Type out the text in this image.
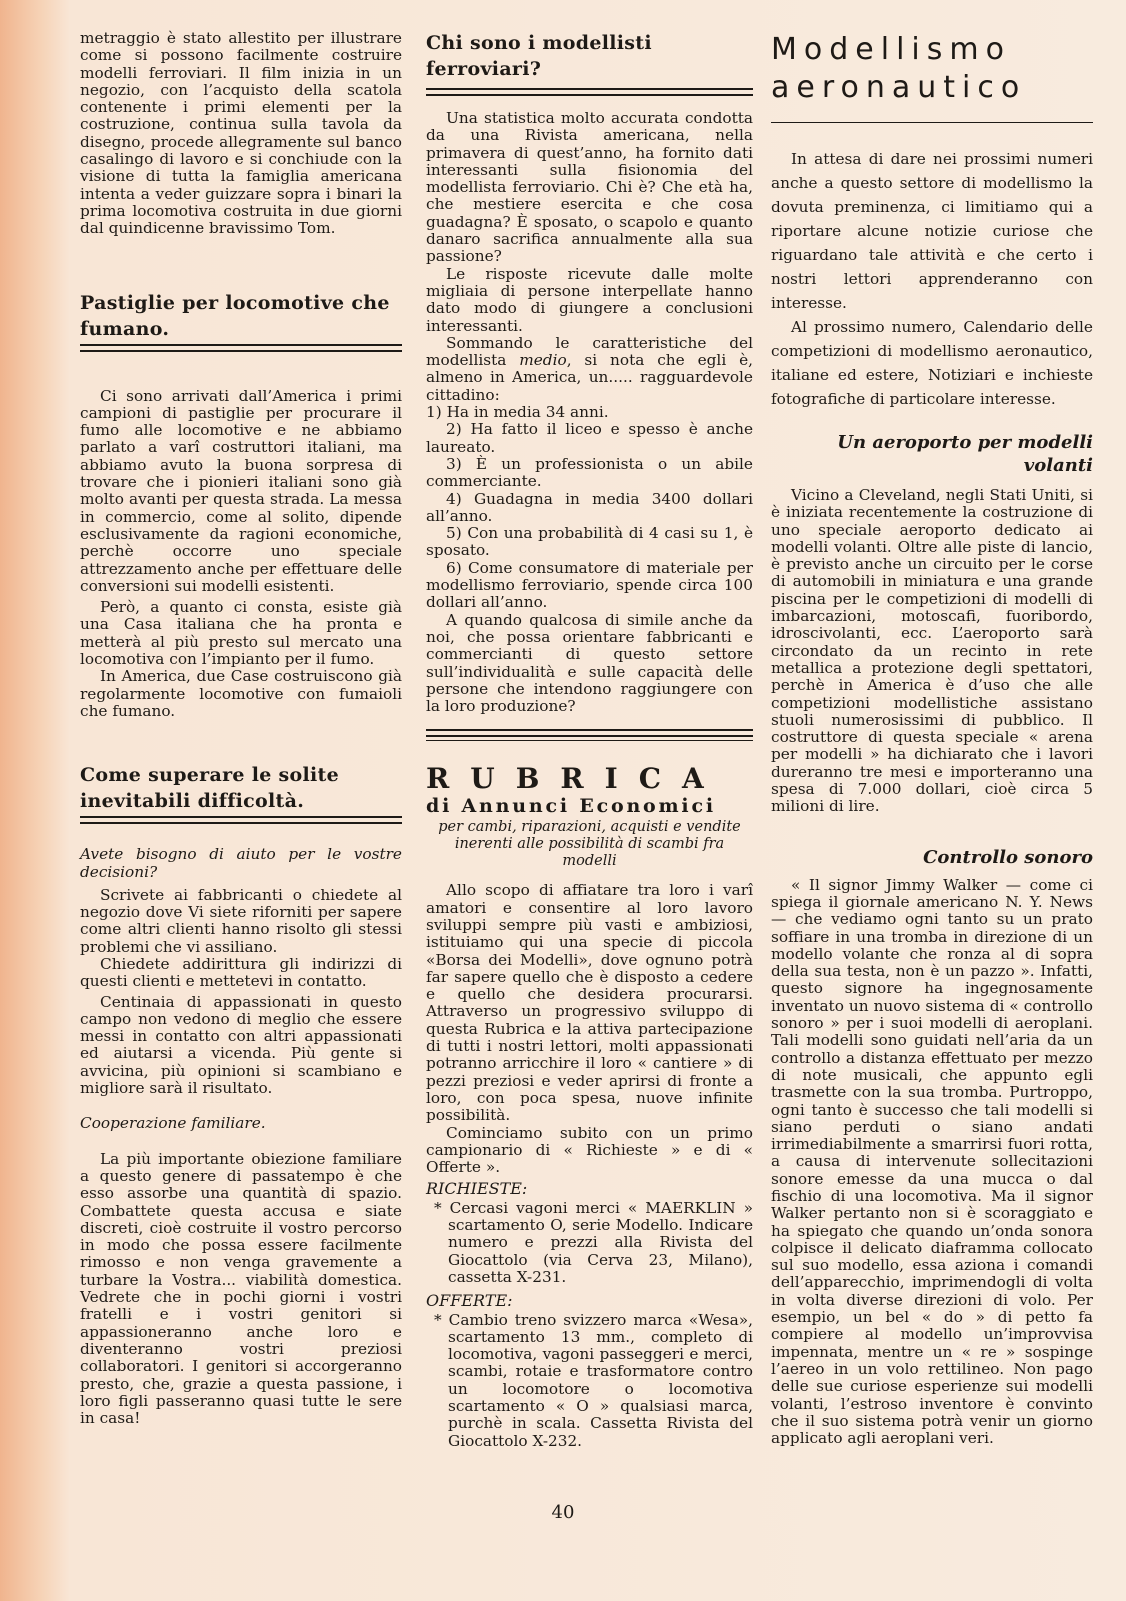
metraggio è stato allestito per illustrare come si possono facilmente costruire modelli ferroviari. Il film inizia in un negozio, con l’acquisto della scatola contenente i primi elementi per la costruzione, continua sulla tavola da disegno, procede allegramente sul banco casalingo di lavoro e si conchiude con la visione di tutta la famiglia americana intenta a veder guizzare sopra i binari la prima locomotiva costruita in due giorni dal quindicenne bravissimo Tom.

Pastiglie per locomotive che fumano.

Ci sono arrivati dall’America i primi campioni di pastiglie per procurare il fumo alle locomotive e ne abbiamo parlato a varî costruttori italiani, ma abbiamo avuto la buona sorpresa di trovare che i pionieri italiani sono già molto avanti per questa strada. La messa in commercio, come al solito, dipende esclusivamente da ragioni economiche, perchè occorre uno speciale attrezzamento anche per effettuare delle conversioni sui modelli esistenti.

Però, a quanto ci consta, esiste già una Casa italiana che ha pronta e metterà al più presto sul mercato una locomotiva con l’impianto per il fumo.

In America, due Case costruiscono già regolarmente locomotive con fumaioli che fumano.

Come superare le solite inevitabili difficoltà.

Avete bisogno di aiuto per le vostre decisioni?

Scrivete ai fabbricanti o chiedete al negozio dove Vi siete riforniti per sapere come altri clienti hanno risolto gli stessi problemi che vi assiliano.

Chiedete addirittura gli indirizzi di questi clienti e mettetevi in contatto.

Centinaia di appassionati in questo campo non vedono di meglio che essere messi in contatto con altri appassionati ed aiutarsi a vicenda. Più gente si avvicina, più opinioni si scambiano e migliore sarà il risultato.

Cooperazione familiare.

La più importante obiezione familiare a questo genere di passatempo è che esso assorbe una quantità di spazio. Combattete questa accusa e siate discreti, cioè costruite il vostro percorso in modo che possa essere facilmente rimosso e non venga gravemente a turbare la Vostra... viabilità domestica. Vedrete che in pochi giorni i vostri fratelli e i vostri genitori si appassioneranno anche loro e diventeranno vostri preziosi collaboratori. I genitori si accorgeranno presto, che, grazie a questa passione, i loro figli passeranno quasi tutte le sere in casa!

Chi sono i modellisti ferroviari?

Una statistica molto accurata condotta da una Rivista americana, nella primavera di quest’anno, ha fornito dati interessanti sulla fisionomia del modellista ferroviario. Chi è? Che età ha, che mestiere esercita e che cosa guadagna? È sposato, o scapolo e quanto danaro sacrifica annualmente alla sua passione?

Le risposte ricevute dalle molte migliaia di persone interpellate hanno dato modo di giungere a conclusioni interessanti.

Sommando le caratteristiche del modellista medio, si nota che egli è, almeno in America, un..... ragguardevole cittadino:

1) Ha in media 34 anni.

2) Ha fatto il liceo e spesso è anche laureato.

3) È un professionista o un abile commerciante.

4) Guadagna in media 3400 dollari all’anno.

5) Con una probabilità di 4 casi su 1, è sposato.

6) Come consumatore di materiale per modellismo ferroviario, spende circa 100 dollari all’anno.

A quando qualcosa di simile anche da noi, che possa orientare fabbricanti e commercianti di questo settore sull’individualità e sulle capacità delle persone che intendono raggiungere con la loro produzione?

RUBRICA
di Annunci Economici

per cambi, riparazioni, acquisti e vendite inerenti alle possibilità di scambi fra modelli

Allo scopo di affiatare tra loro i varî amatori e consentire al loro lavoro sviluppi sempre più vasti e ambiziosi, istituiamo qui una specie di piccola «Borsa dei Modelli», dove ognuno potrà far sapere quello che è disposto a cedere e quello che desidera procurarsi. Attraverso un progressivo sviluppo di questa Rubrica e la attiva partecipazione di tutti i nostri lettori, molti appassionati potranno arricchire il loro « cantiere » di pezzi preziosi e veder aprirsi di fronte a loro, con poca spesa, nuove infinite possibilità.

Cominciamo subito con un primo campionario di « Richieste » e di « Offerte ».

RICHIESTE:

* Cercasi vagoni merci « MAERKLIN » scartamento O, serie Modello. Indicare numero e prezzi alla Rivista del Giocattolo (via Cerva 23, Milano), cassetta X-231.

OFFERTE:

* Cambio treno svizzero marca «Wesa», scartamento 13 mm., completo di locomotiva, vagoni passeggeri e merci, scambi, rotaie e trasformatore contro un locomotore o locomotiva scartamento « O » qualsiasi marca, purchè in scala. Cassetta Rivista del Giocattolo X-232.

Modellismo
aeronautico

In attesa di dare nei prossimi numeri anche a questo settore di modellismo la dovuta preminenza, ci limitiamo qui a riportare alcune notizie curiose che riguardano tale attività e che certo i nostri lettori apprenderanno con interesse.

Al prossimo numero, Calendario delle competizioni di modellismo aeronautico, italiane ed estere, Notiziari e inchieste fotografiche di particolare interesse.

Un aeroporto per modelli volanti

Vicino a Cleveland, negli Stati Uniti, si è iniziata recentemente la costruzione di uno speciale aeroporto dedicato ai modelli volanti. Oltre alle piste di lancio, è previsto anche un circuito per le corse di automobili in miniatura e una grande piscina per le competizioni di modelli di imbarcazioni, motoscafi, fuoribordo, idroscivolanti, ecc. L’aeroporto sarà circondato da un recinto in rete metallica a protezione degli spettatori, perchè in America è d’uso che alle competizioni modellistiche assistano stuoli numerosissimi di pubblico. Il costruttore di questa speciale « arena per modelli » ha dichiarato che i lavori dureranno tre mesi e importeranno una spesa di 7.000 dollari, cioè circa 5 milioni di lire.

Controllo sonoro

« Il signor Jimmy Walker — come ci spiega il giornale americano N. Y. News — che vediamo ogni tanto su un prato soffiare in una tromba in direzione di un modello volante che ronza al di sopra della sua testa, non è un pazzo ». Infatti, questo signore ha ingegnosamente inventato un nuovo sistema di « controllo sonoro » per i suoi modelli di aeroplani. Tali modelli sono guidati nell’aria da un controllo a distanza effettuato per mezzo di note musicali, che appunto egli trasmette con la sua tromba. Purtroppo, ogni tanto è successo che tali modelli si siano perduti o siano andati irrimediabilmente a smarrirsi fuori rotta, a causa di intervenute sollecitazioni sonore emesse da una mucca o dal fischio di una locomotiva. Ma il signor Walker pertanto non si è scoraggiato e ha spiegato che quando un’onda sonora colpisce il delicato diaframma collocato sul suo modello, essa aziona i comandi dell’apparecchio, imprimendogli di volta in volta diverse direzioni di volo. Per esempio, un bel « do » di petto fa compiere al modello un’improvvisa impennata, mentre un « re » sospinge l’aereo in un volo rettilineo. Non pago delle sue curiose esperienze sui modelli volanti, l’estroso inventore è convinto che il suo sistema potrà venir un giorno applicato agli aeroplani veri.

40
